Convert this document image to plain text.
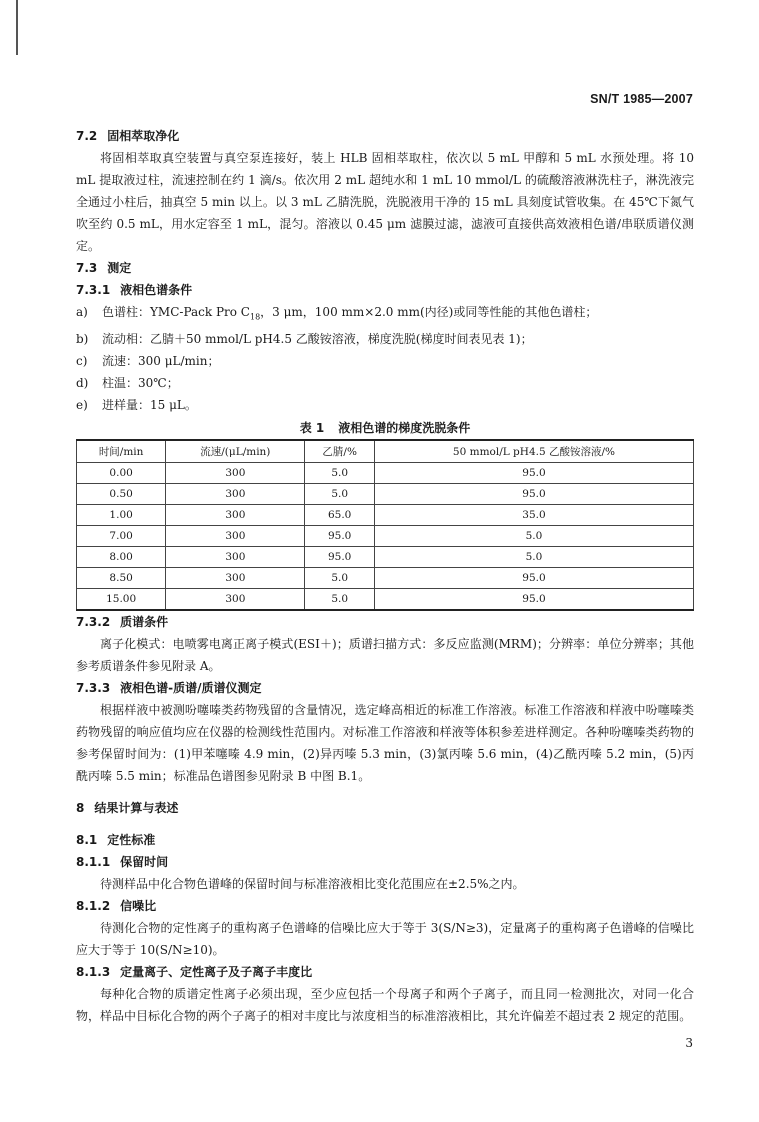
SN/T 1985—2007
7.2 固相萃取净化

将固相萃取真空装置与真空泵连接好，装上 HLB 固相萃取柱，依次以 5 mL 甲醇和 5 mL 水预处理。将 10 mL 提取液过柱，流速控制在约 1 滴/s。依次用 2 mL 超纯水和 1 mL 10 mmol/L 的硫酸溶液淋洗柱子，淋洗液完全通过小柱后，抽真空 5 min 以上。以 3 mL 乙腈洗脱，洗脱液用干净的 15 mL 具刻度试管收集。在 45℃下氮气吹至约 0.5 mL，用水定容至 1 mL，混匀。溶液以 0.45 μm 滤膜过滤，滤液可直接供高效液相色谱/串联质谱仪测定。

7.3 测定
7.3.1 液相色谱条件
a) 色谱柱：YMC-Pack Pro $C_{18}$，3 μm，100 mm×2.0 mm(内径)或同等性能的其他色谱柱；
b) 流动相：乙腈＋50 mmol/L pH4.5 乙酸铵溶液，梯度洗脱(梯度时间表见表 1)；
c) 流速：300 μL/min；
d) 柱温：30℃；
e) 进样量：15 μL。
表 1 液相色谱的梯度洗脱条件
时间/min	流速/(μL/min)	乙腈/%	50 mmol/L pH4.5 乙酸铵溶液/%
0.00	300	5.0	95.0
0.50	300	5.0	95.0
1.00	300	65.0	35.0
7.00	300	95.0	5.0
8.00	300	95.0	5.0
8.50	300	5.0	95.0
15.00	300	5.0	95.0
7.3.2 质谱条件

离子化模式：电喷雾电离正离子模式(ESI＋)；质谱扫描方式：多反应监测(MRM)；分辨率：单位分辨率；其他参考质谱条件参见附录 A。

7.3.3 液相色谱-质谱/质谱仪测定

根据样液中被测吩噻嗪类药物残留的含量情况，选定峰高相近的标准工作溶液。标准工作溶液和样液中吩噻嗪类药物残留的响应值均应在仪器的检测线性范围内。对标准工作溶液和样液等体积参差进样测定。各种吩噻嗪类药物的参考保留时间为：(1)甲苯噻嗪 4.9 min，(2)异丙嗪 5.3 min，(3)氯丙嗪 5.6 min，(4)乙酰丙嗪 5.2 min，(5)丙酰丙嗪 5.5 min；标准品色谱图参见附录 B 中图 B.1。

8 结果计算与表述
8.1 定性标准
8.1.1 保留时间

待测样品中化合物色谱峰的保留时间与标准溶液相比变化范围应在±2.5%之内。

8.1.2 信噪比

待测化合物的定性离子的重构离子色谱峰的信噪比应大于等于 3(S/N≥3)，定量离子的重构离子色谱峰的信噪比应大于等于 10(S/N≥10)。

8.1.3 定量离子、定性离子及子离子丰度比

每种化合物的质谱定性离子必须出现，至少应包括一个母离子和两个子离子，而且同一检测批次，对同一化合物，样品中目标化合物的两个子离子的相对丰度比与浓度相当的标准溶液相比，其允许偏差不超过表 2 规定的范围。

3
